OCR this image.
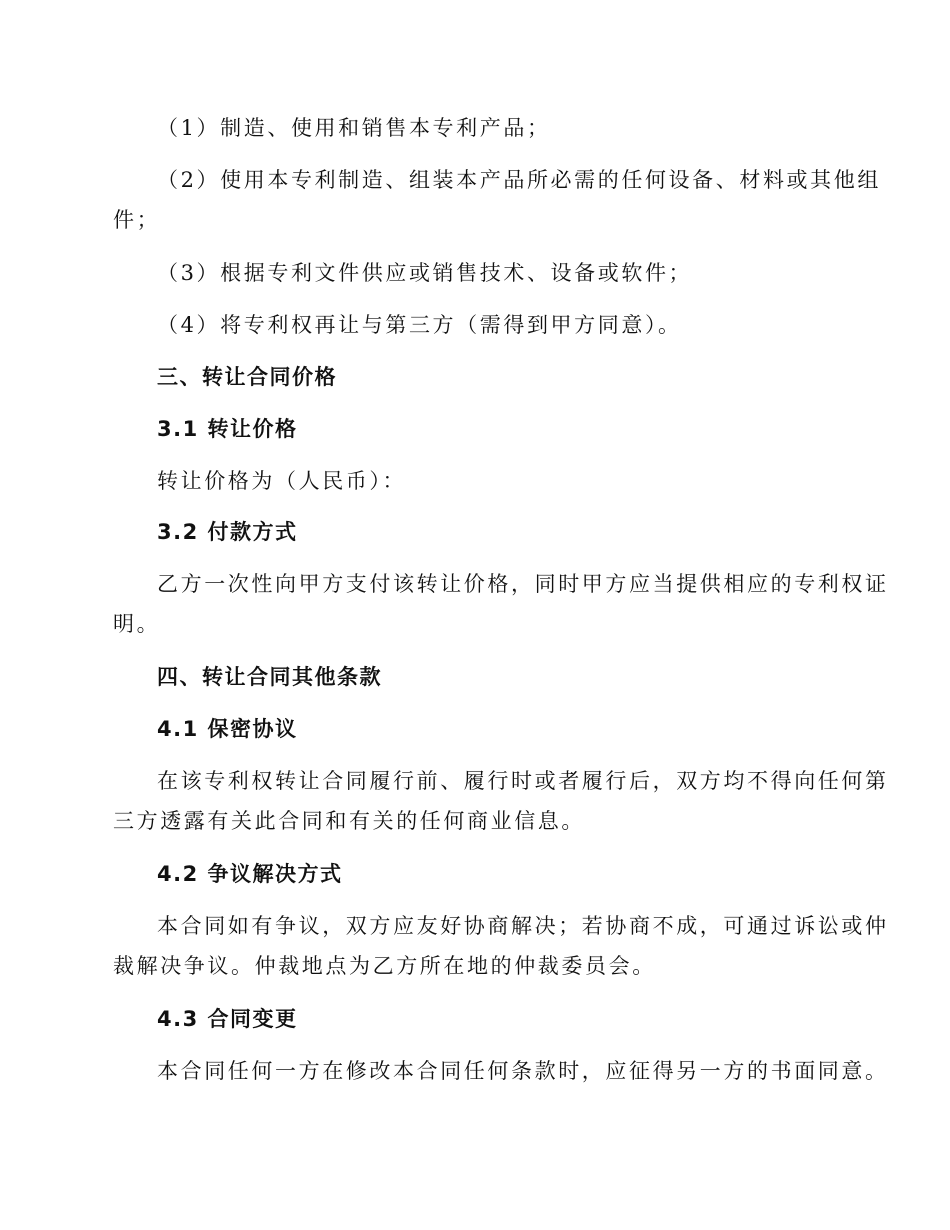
（1）制造、使用和销售本专利产品；
（2）使用本专利制造、组装本产品所必需的任何设备、材料或其他组
件；
（3）根据专利文件供应或销售技术、设备或软件；
（4）将专利权再让与第三方（需得到甲方同意）。
三、转让合同价格
3.1 转让价格
转让价格为（人民币）：
3.2 付款方式
乙方一次性向甲方支付该转让价格，同时甲方应当提供相应的专利权证
明。
四、转让合同其他条款
4.1 保密协议
在该专利权转让合同履行前、履行时或者履行后，双方均不得向任何第
三方透露有关此合同和有关的任何商业信息。
4.2 争议解决方式
本合同如有争议，双方应友好协商解决；若协商不成，可通过诉讼或仲
裁解决争议。仲裁地点为乙方所在地的仲裁委员会。
4.3 合同变更
本合同任何一方在修改本合同任何条款时，应征得另一方的书面同意。
